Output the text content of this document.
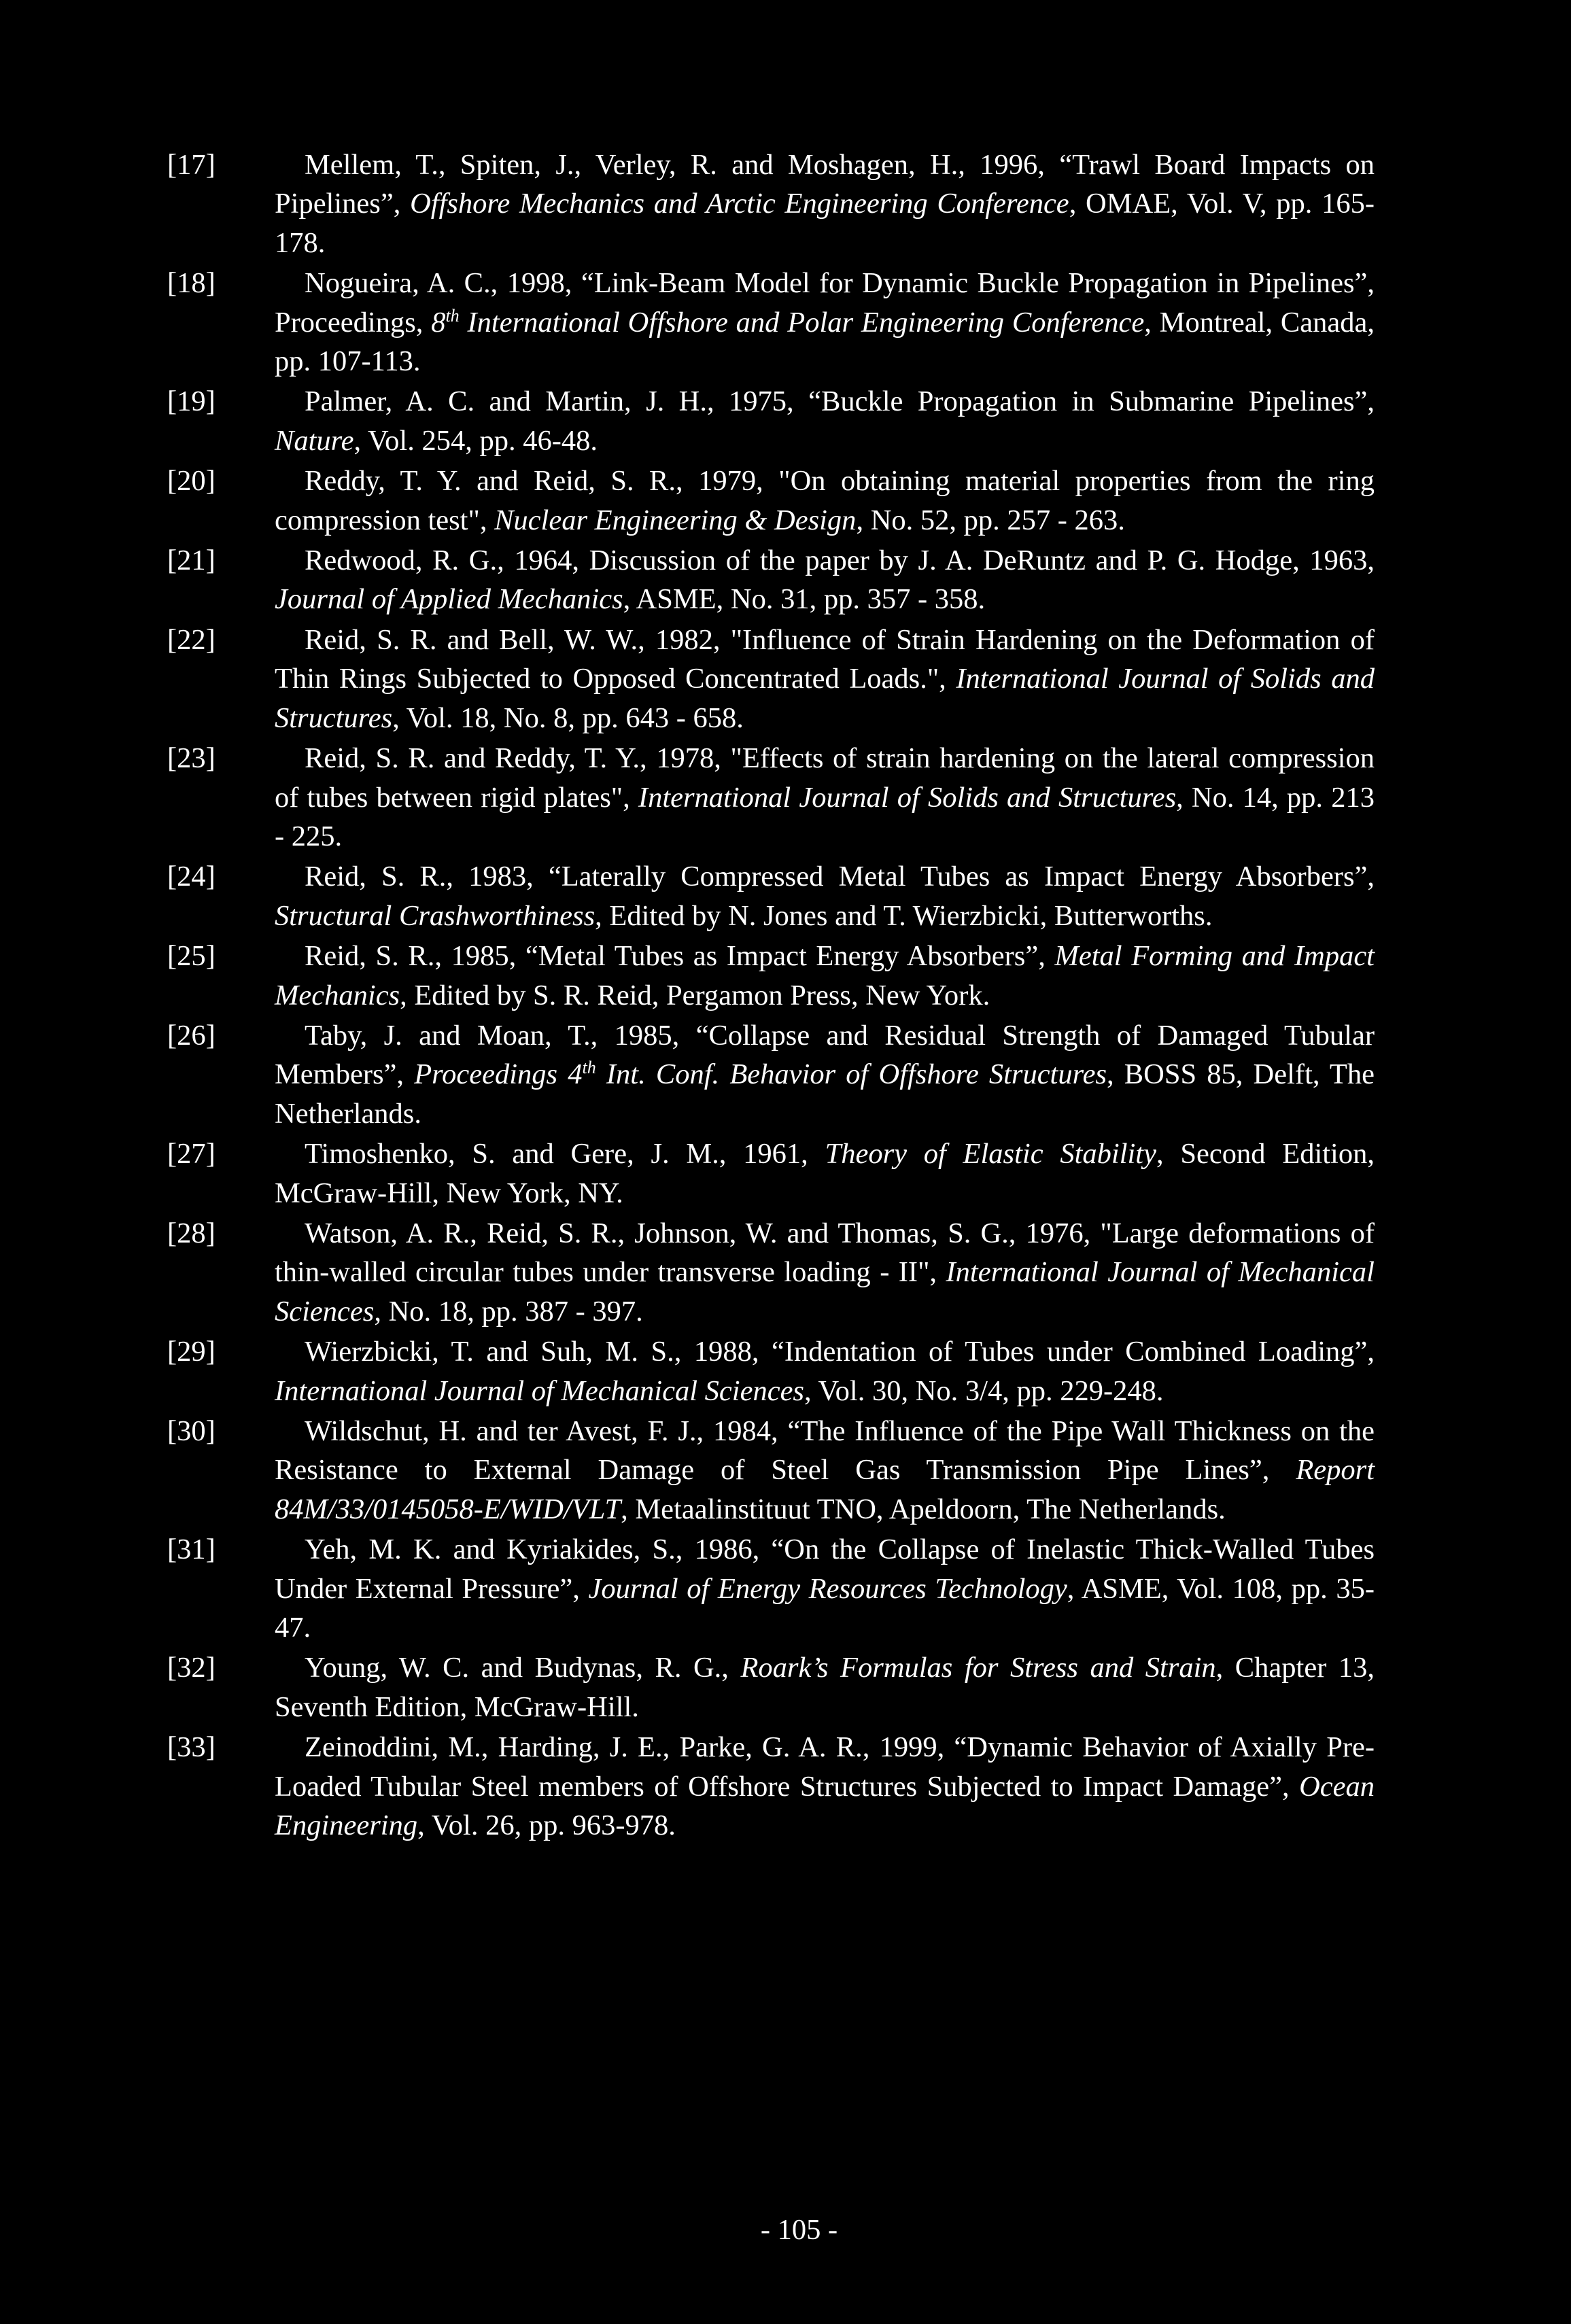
[17]	Mellem, T., Spiten, J., Verley, R. and Moshagen, H., 1996, “Trawl Board Impacts on Pipelines”, Offshore Mechanics and Arctic Engineering Conference, OMAE, Vol. V, pp. 165-178.

[18]	Nogueira, A. C., 1998, “Link-Beam Model for Dynamic Buckle Propagation in Pipelines”, Proceedings, 8th International Offshore and Polar Engineering Conference, Montreal, Canada, pp. 107-113.

[19]	Palmer, A. C. and Martin, J. H., 1975, “Buckle Propagation in Submarine Pipelines”, Nature, Vol. 254, pp. 46-48.

[20]	Reddy, T. Y. and Reid, S. R., 1979, "On obtaining material properties from the ring compression test", Nuclear Engineering & Design, No. 52, pp. 257 - 263.

[21]	Redwood, R. G., 1964, Discussion of the paper by J. A. DeRuntz and P. G. Hodge, 1963, Journal of Applied Mechanics, ASME, No. 31, pp. 357 - 358.

[22]	Reid, S. R. and Bell, W. W., 1982, "Influence of Strain Hardening on the Deformation of Thin Rings Subjected to Opposed Concentrated Loads.", International Journal of Solids and Structures, Vol. 18, No. 8, pp. 643 - 658.

[23]	Reid, S. R. and Reddy, T. Y., 1978, "Effects of strain hardening on the lateral compression of tubes between rigid plates", International Journal of Solids and Structures, No. 14, pp. 213 - 225.

[24]	Reid, S. R., 1983, “Laterally Compressed Metal Tubes as Impact Energy Absorbers”, Structural Crashworthiness, Edited by N. Jones and T. Wierzbicki, Butterworths.

[25]	Reid, S. R., 1985, “Metal Tubes as Impact Energy Absorbers”, Metal Forming and Impact Mechanics, Edited by S. R. Reid, Pergamon Press, New York.

[26]	Taby, J. and Moan, T., 1985, “Collapse and Residual Strength of Damaged Tubular Members”, Proceedings 4th Int. Conf. Behavior of Offshore Structures, BOSS 85, Delft, The Netherlands.

[27]	Timoshenko, S. and Gere, J. M., 1961, Theory of Elastic Stability, Second Edition, McGraw-Hill, New York, NY.

[28]	Watson, A. R., Reid, S. R., Johnson, W. and Thomas, S. G., 1976, "Large deformations of thin-walled circular tubes under transverse loading - II", International Journal of Mechanical Sciences, No. 18, pp. 387 - 397.

[29]	Wierzbicki, T. and Suh, M. S., 1988, “Indentation of Tubes under Combined Loading”, International Journal of Mechanical Sciences, Vol. 30, No. 3/4, pp. 229-248.

[30]	Wildschut, H. and ter Avest, F. J., 1984, “The Influence of the Pipe Wall Thickness on the Resistance to External Damage of Steel Gas Transmission Pipe Lines”, Report 84M/33/0145058-E/WID/VLT, Metaalinstituut TNO, Apeldoorn, The Netherlands.

[31]	Yeh, M. K. and Kyriakides, S., 1986, “On the Collapse of Inelastic Thick-Walled Tubes Under External Pressure”, Journal of Energy Resources Technology, ASME, Vol. 108, pp. 35-47.

[32]	Young, W. C. and Budynas, R. G., Roark’s Formulas for Stress and Strain, Chapter 13, Seventh Edition, McGraw-Hill.

[33]	Zeinoddini, M., Harding, J. E., Parke, G. A. R., 1999, “Dynamic Behavior of Axially Pre-Loaded Tubular Steel members of Offshore Structures Subjected to Impact Damage”, Ocean Engineering, Vol. 26, pp. 963-978.

- 105 -
